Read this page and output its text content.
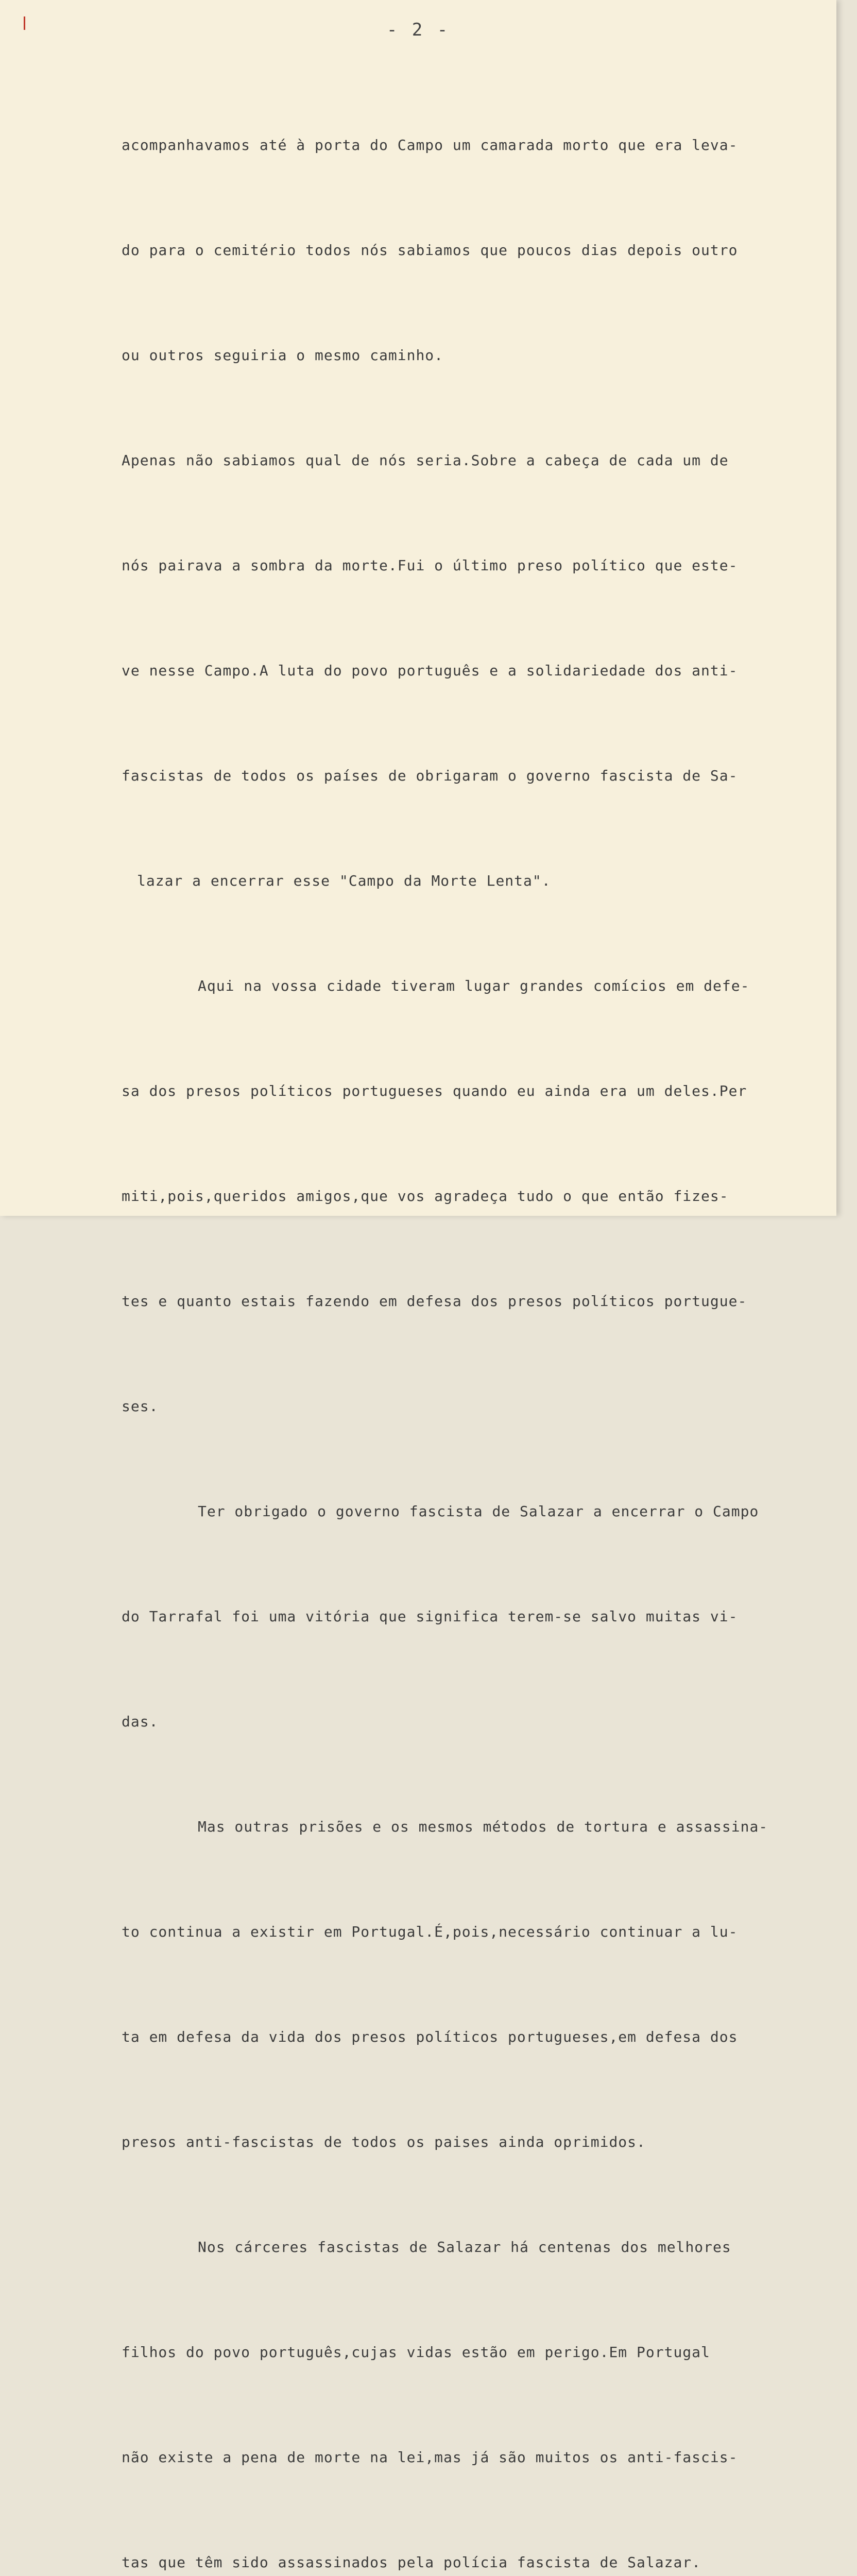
- 2 -

acompanhavamos até à porta do Campo um camarada morto que era leva-

do para o cemitério todos nós sabiamos que poucos dias depois outro

ou outros seguiria o mesmo caminho.

Apenas não sabiamos qual de nós seria.Sobre a cabeça de cada um de

nós pairava a sombra da morte.Fui o último preso político que este-

ve nesse Campo.A luta do povo português e a solidariedade dos anti-

fascistas de todos os países de obrigaram o governo fascista de Sa-

lazar a encerrar esse "Campo da Morte Lenta".

Aqui na vossa cidade tiveram lugar grandes comícios em defe-

sa dos presos políticos portugueses quando eu ainda era um deles.Per

miti,pois,queridos amigos,que vos agradeça tudo o que então fizes-

tes e quanto estais fazendo em defesa dos presos políticos portugue-

ses.

Ter obrigado o governo fascista de Salazar a encerrar o Campo

do Tarrafal foi uma vitória que significa terem-se salvo muitas vi-

das.

Mas outras prisões e os mesmos métodos de tortura e assassina-

to continua a existir em Portugal.É,pois,necessário continuar a lu-

ta em defesa da vida dos presos políticos portugueses,em defesa dos

presos anti-fascistas de todos os paises ainda oprimidos.

Nos cárceres fascistas de Salazar há centenas dos melhores

filhos do povo português,cujas vidas estão em perigo.Em Portugal

não existe a pena de morte na lei,mas já são muitos os anti-fascis-

tas que têm sido assassinados pela polícia fascista de Salazar.
